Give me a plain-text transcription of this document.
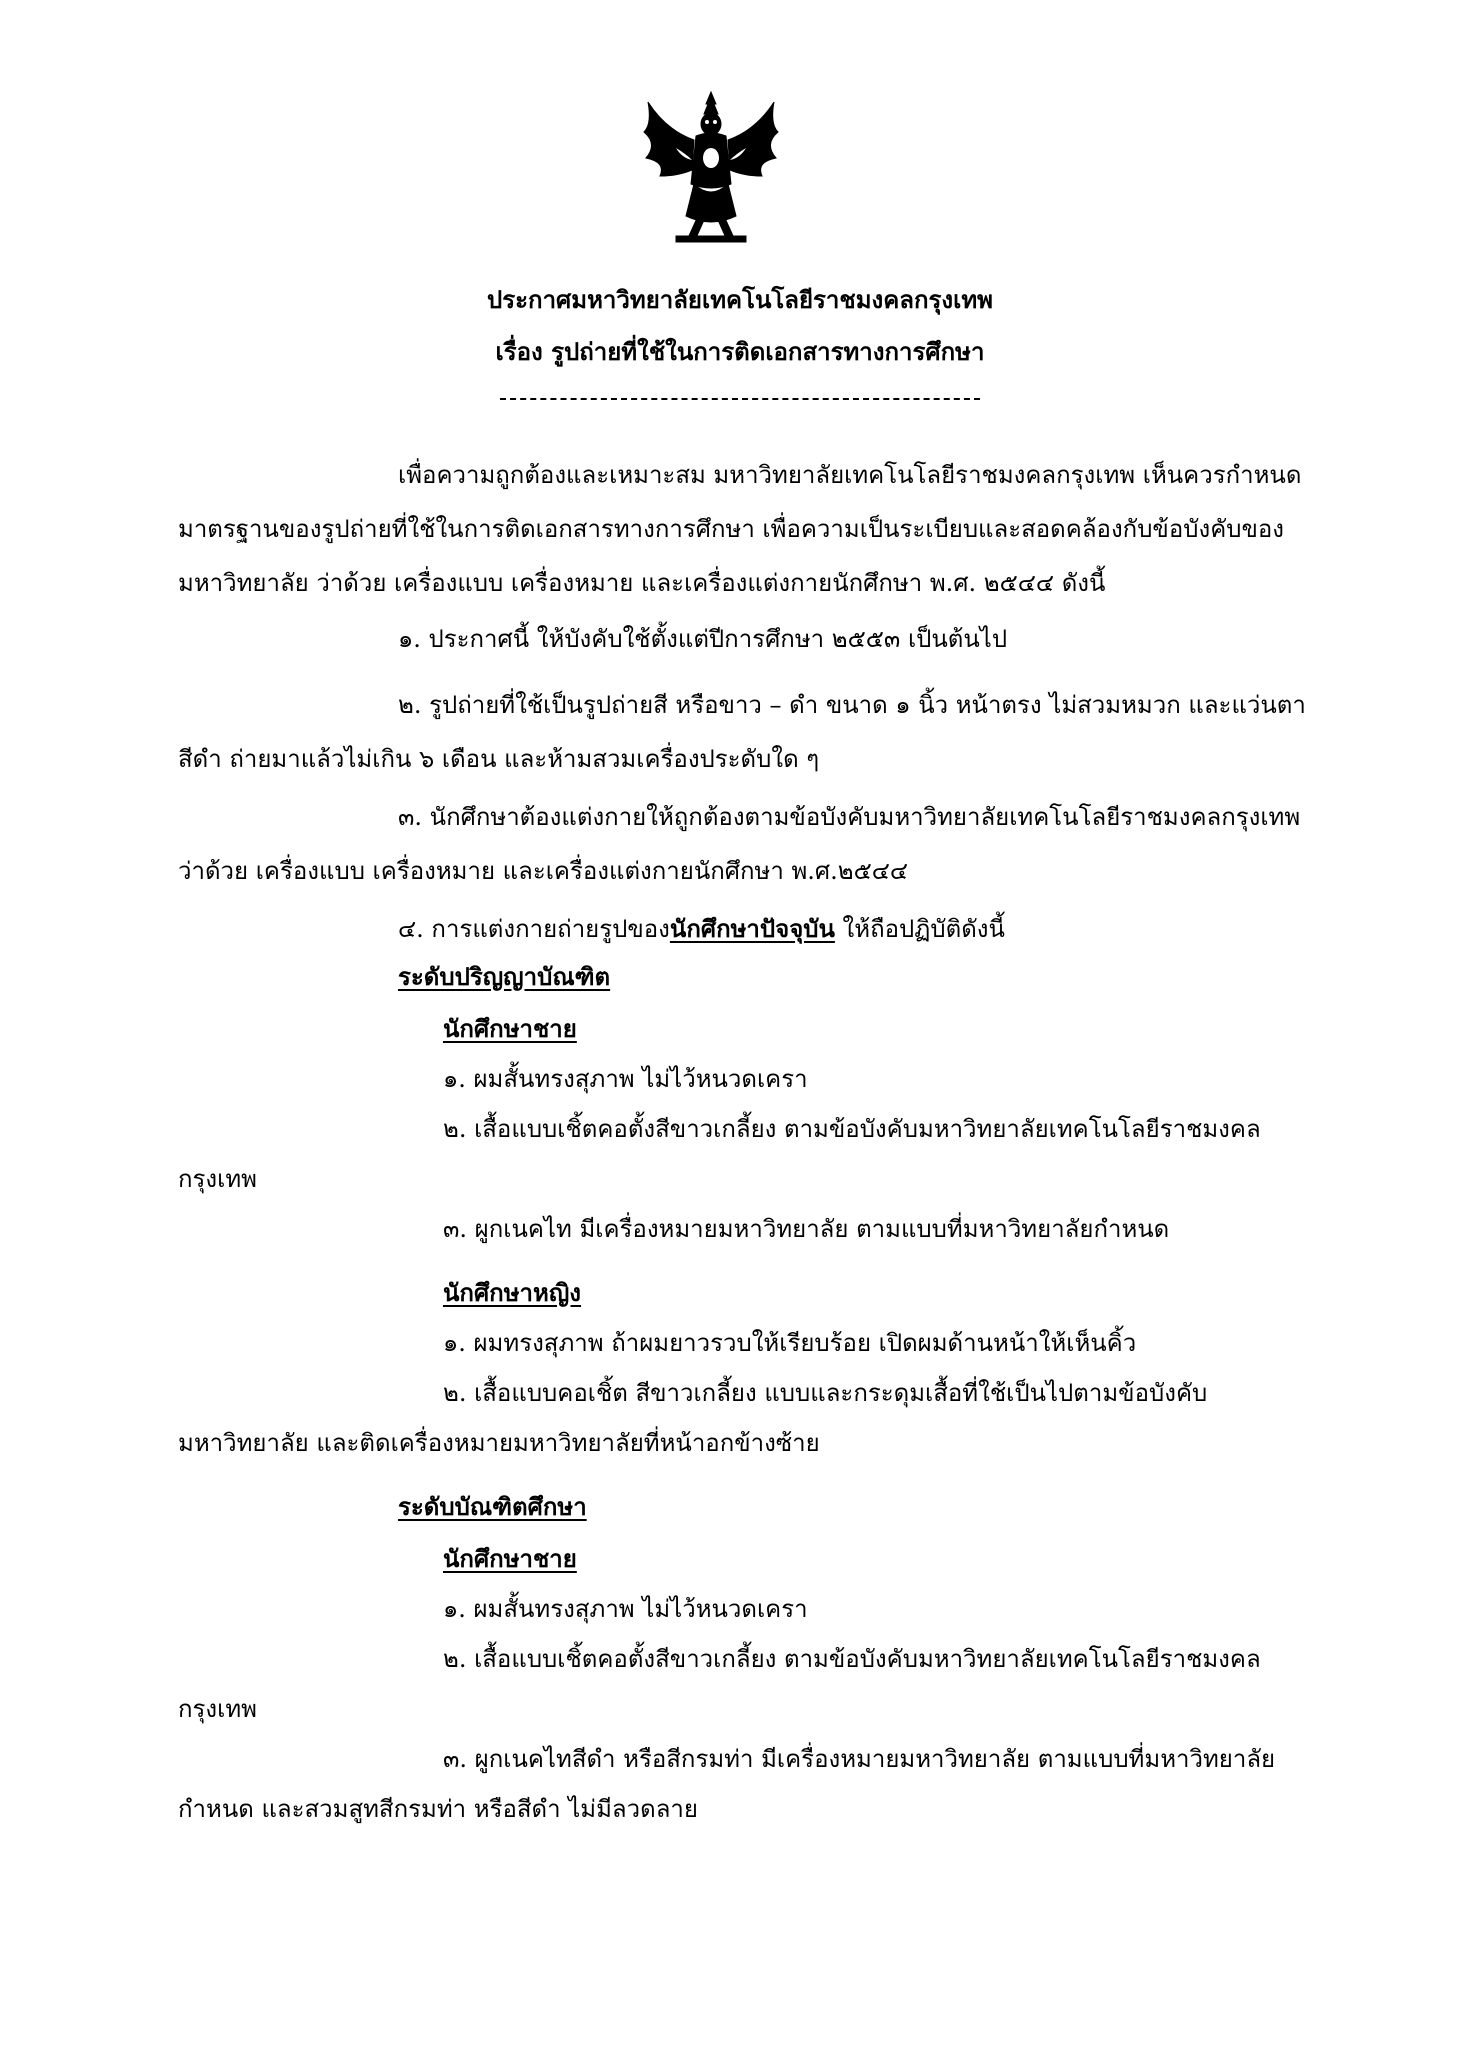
ประกาศมหาวิทยาลัยเทคโนโลยีราชมงคลกรุงเทพ
เรื่อง รูปถ่ายที่ใช้ในการติดเอกสารทางการศึกษา
เพื่อความถูกต้องและเหมาะสม มหาวิทยาลัยเทคโนโลยีราชมงคลกรุงเทพ เห็นควรกำหนด
มาตรฐานของรูปถ่ายที่ใช้ในการติดเอกสารทางการศึกษา เพื่อความเป็นระเบียบและสอดคล้องกับข้อบังคับของ
มหาวิทยาลัย ว่าด้วย เครื่องแบบ เครื่องหมาย และเครื่องแต่งกายนักศึกษา พ.ศ. ๒๕๔๔ ดังนี้
๑. ประกาศนี้ ให้บังคับใช้ตั้งแต่ปีการศึกษา ๒๕๕๓ เป็นต้นไป
๒. รูปถ่ายที่ใช้เป็นรูปถ่ายสี หรือขาว – ดำ ขนาด ๑ นิ้ว หน้าตรง ไม่สวมหมวก และแว่นตา
สีดำ ถ่ายมาแล้วไม่เกิน ๖ เดือน และห้ามสวมเครื่องประดับใด ๆ
๓. นักศึกษาต้องแต่งกายให้ถูกต้องตามข้อบังคับมหาวิทยาลัยเทคโนโลยีราชมงคลกรุงเทพ
ว่าด้วย เครื่องแบบ เครื่องหมาย และเครื่องแต่งกายนักศึกษา พ.ศ.๒๕๔๔
๔. การแต่งกายถ่ายรูปของนักศึกษาปัจจุบัน ให้ถือปฏิบัติดังนี้
ระดับปริญญาบัณฑิต
นักศึกษาชาย
๑. ผมสั้นทรงสุภาพ ไม่ไว้หนวดเครา
๒. เสื้อแบบเชิ้ตคอตั้งสีขาวเกลี้ยง ตามข้อบังคับมหาวิทยาลัยเทคโนโลยีราชมงคล
กรุงเทพ
๓. ผูกเนคไท มีเครื่องหมายมหาวิทยาลัย ตามแบบที่มหาวิทยาลัยกำหนด
นักศึกษาหญิง
๑. ผมทรงสุภาพ ถ้าผมยาวรวบให้เรียบร้อย เปิดผมด้านหน้าให้เห็นคิ้ว
๒. เสื้อแบบคอเชิ้ต สีขาวเกลี้ยง แบบและกระดุมเสื้อที่ใช้เป็นไปตามข้อบังคับ
มหาวิทยาลัย และติดเครื่องหมายมหาวิทยาลัยที่หน้าอกข้างซ้าย
ระดับบัณฑิตศึกษา
นักศึกษาชาย
๑. ผมสั้นทรงสุภาพ ไม่ไว้หนวดเครา
๒. เสื้อแบบเชิ้ตคอตั้งสีขาวเกลี้ยง ตามข้อบังคับมหาวิทยาลัยเทคโนโลยีราชมงคล
กรุงเทพ
๓. ผูกเนคไทสีดำ หรือสีกรมท่า มีเครื่องหมายมหาวิทยาลัย ตามแบบที่มหาวิทยาลัย
กำหนด และสวมสูทสีกรมท่า หรือสีดำ ไม่มีลวดลาย
